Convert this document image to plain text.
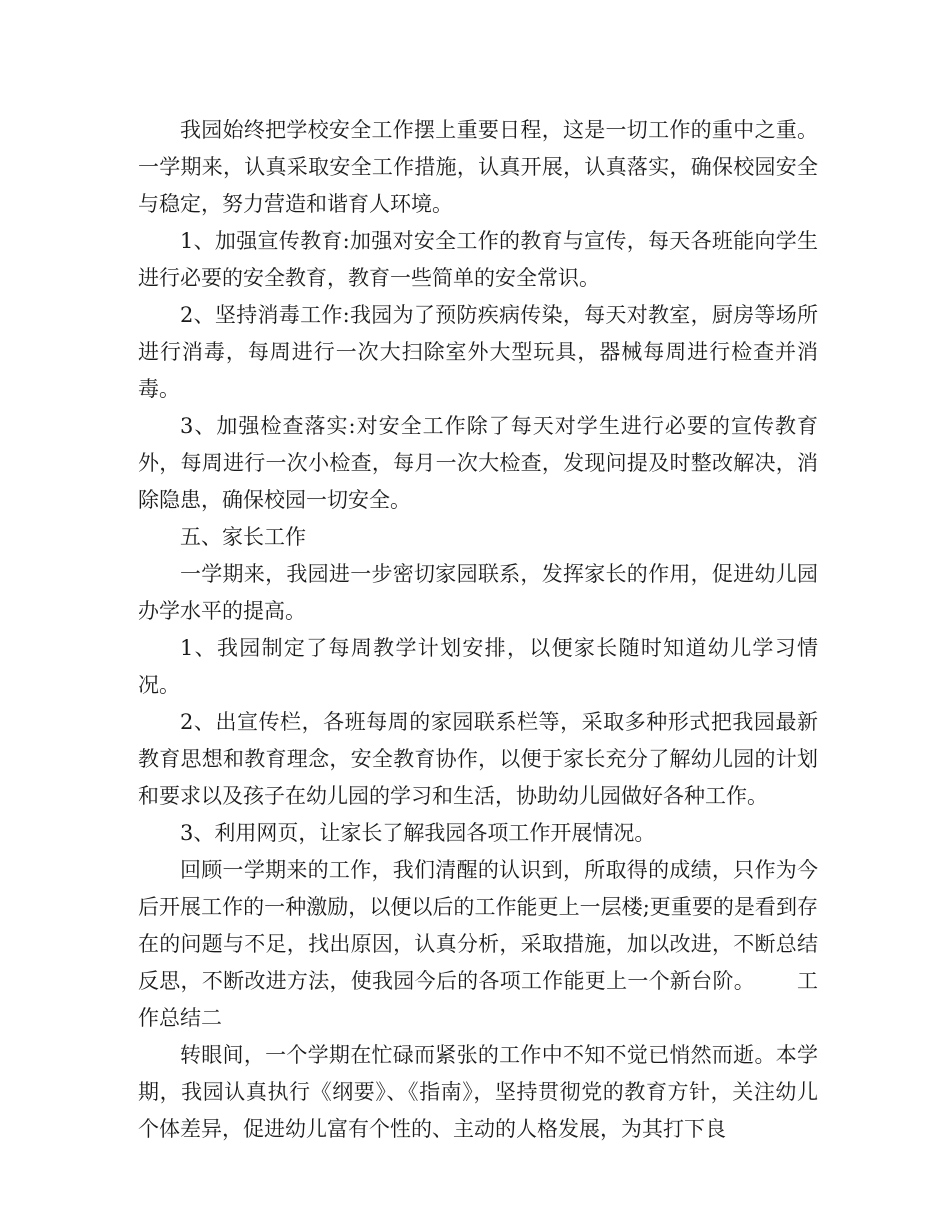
我园始终把学校安全工作摆上重要日程，这是一切工作的重中之重。一学期来，认真采取安全工作措施，认真开展，认真落实，确保校园安全与稳定，努力营造和谐育人环境。

1、加强宣传教育:加强对安全工作的教育与宣传，每天各班能向学生进行必要的安全教育，教育一些简单的安全常识。

2、坚持消毒工作:我园为了预防疾病传染，每天对教室，厨房等场所进行消毒，每周进行一次大扫除室外大型玩具，器械每周进行检查并消毒。

3、加强检查落实:对安全工作除了每天对学生进行必要的宣传教育外，每周进行一次小检查，每月一次大检查，发现问提及时整改解决，消除隐患，确保校园一切安全。

五、家长工作

一学期来，我园进一步密切家园联系，发挥家长的作用，促进幼儿园办学水平的提高。

1、我园制定了每周教学计划安排，以便家长随时知道幼儿学习情况。

2、出宣传栏，各班每周的家园联系栏等，采取多种形式把我园最新教育思想和教育理念，安全教育协作，以便于家长充分了解幼儿园的计划和要求以及孩子在幼儿园的学习和生活，协助幼儿园做好各种工作。

3、利用网页，让家长了解我园各项工作开展情况。

回顾一学期来的工作，我们清醒的认识到，所取得的成绩，只作为今后开展工作的一种激励，以便以后的工作能更上一层楼;更重要的是看到存在的问题与不足，找出原因，认真分析，采取措施，加以改进，不断总结反思，不断改进方法，使我园今后的各项工作能更上一个新台阶。 工作总结二

转眼间，一个学期在忙碌而紧张的工作中不知不觉已悄然而逝。本学期，我园认真执行《纲要》、《指南》，坚持贯彻党的教育方针，关注幼儿个体差异，促进幼儿富有个性的、主动的人格发展，为其打下良
